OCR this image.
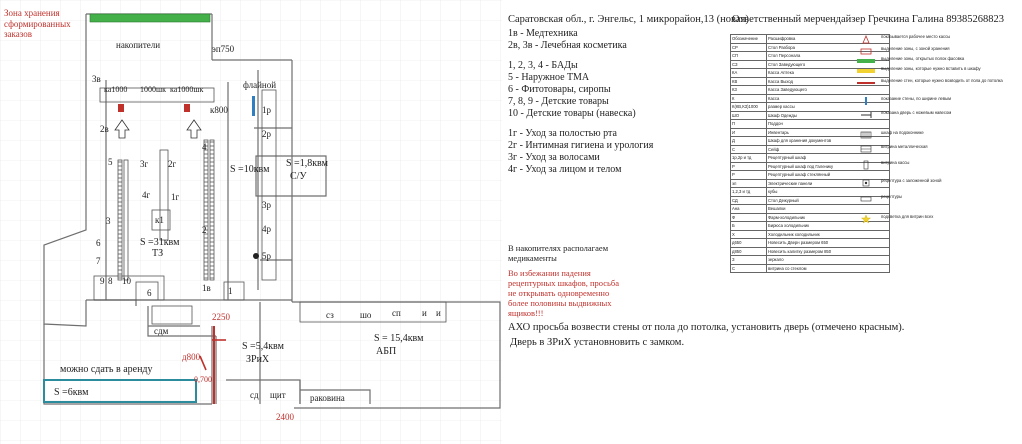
Зона хранения сформированных заказов
накопители	эп750
флайной
ка1000 1000шк ка1000шк
3в
2в
к800	1р
2р
3р
4р
5р
S =10квм
S =1,8квм
С/У
3г 2г
4г 1г
к1
S =31квм
ТЗ
5
3
4
2
6
7
8
9 10
6	1в 1
сдм
2250
д800
0,700
2400
S =5,4квм
ЗРиХ
S = 15,4квм
АБП
можно сдать в аренду
S =6квм	сд щит	раковина
сз	шо сп и и
Саратовская обл., г. Энгельс, 1 микрорайон,13 (новая)
Ответственный мерчендайзер Гречкина Галина 89385268823
1в - Медтехника
2в, 3в - Лечебная косметика
1, 2, 3, 4 - БАДы
5 - Наружное ТМА
6 - Фитотовары, сиропы
7, 8, 9 - Детские товары
10 - Детские товары (навеска)
1г - Уход за полостью рта
2г - Интимная гигиена и урология
3г - Уход за волосами
4г - Уход за лицом и телом
В накопителях располагаем медикаменты
Во избежании падения рецептурных шкафов, просьба не открывать одновременно более половины выдвижных ящиков!!!
АХО просьба возвести стены от пола до потолка, установить дверь (отмечено красным).
Дверь в ЗРиХ установновить с замком.
Обозначение	Расшифровка
СР	Стол Разбора
СП	Стол Персонала
СЗ	Стол Заведующего
КА	Касса Аптека
КВ	Касса Выход
КЗ	Касса Заведующего
К	Касса
К(КВ,КЗ)1000	размер кассы
ШО	Шкаф Одежды
П	Поддон
И	Инвентарь
Д	Шкаф для хранения документов
С	Сейф
1р,2р и тд	Рецептурный шкаф
Р	Рецептурный шкаф под Галенику
Р	Рецептурный шкаф стеклянный
эп	Электрические панели
1,2,3 и тд	кубы
СД	Стол Дежурный
Ана	Вешалки
Ф	Фарм-холодильник
Б	Бирюса холодильник
Х	Холодильник холодильник
д650	Новесить Дверн размером 650
д850	Новесить калитку размером 850
З	зеркало
С	витрина со стеклом
показывается рабочее место кассы
выделение зоны, с зоной хранения
выделение зоны, открытых полок фасовка
выделение зоны, которые нужно вставить в шкафу
выделение стен, которые нужно возводить от пола до потолка
показание стены, по ширине левым
показана дверь с ножевым навесом
шкаф на подоконнике
витрина металлическая
витрина кассы
рецептура с заложенной зоной
рецептуры
подсветка для витрин всех
